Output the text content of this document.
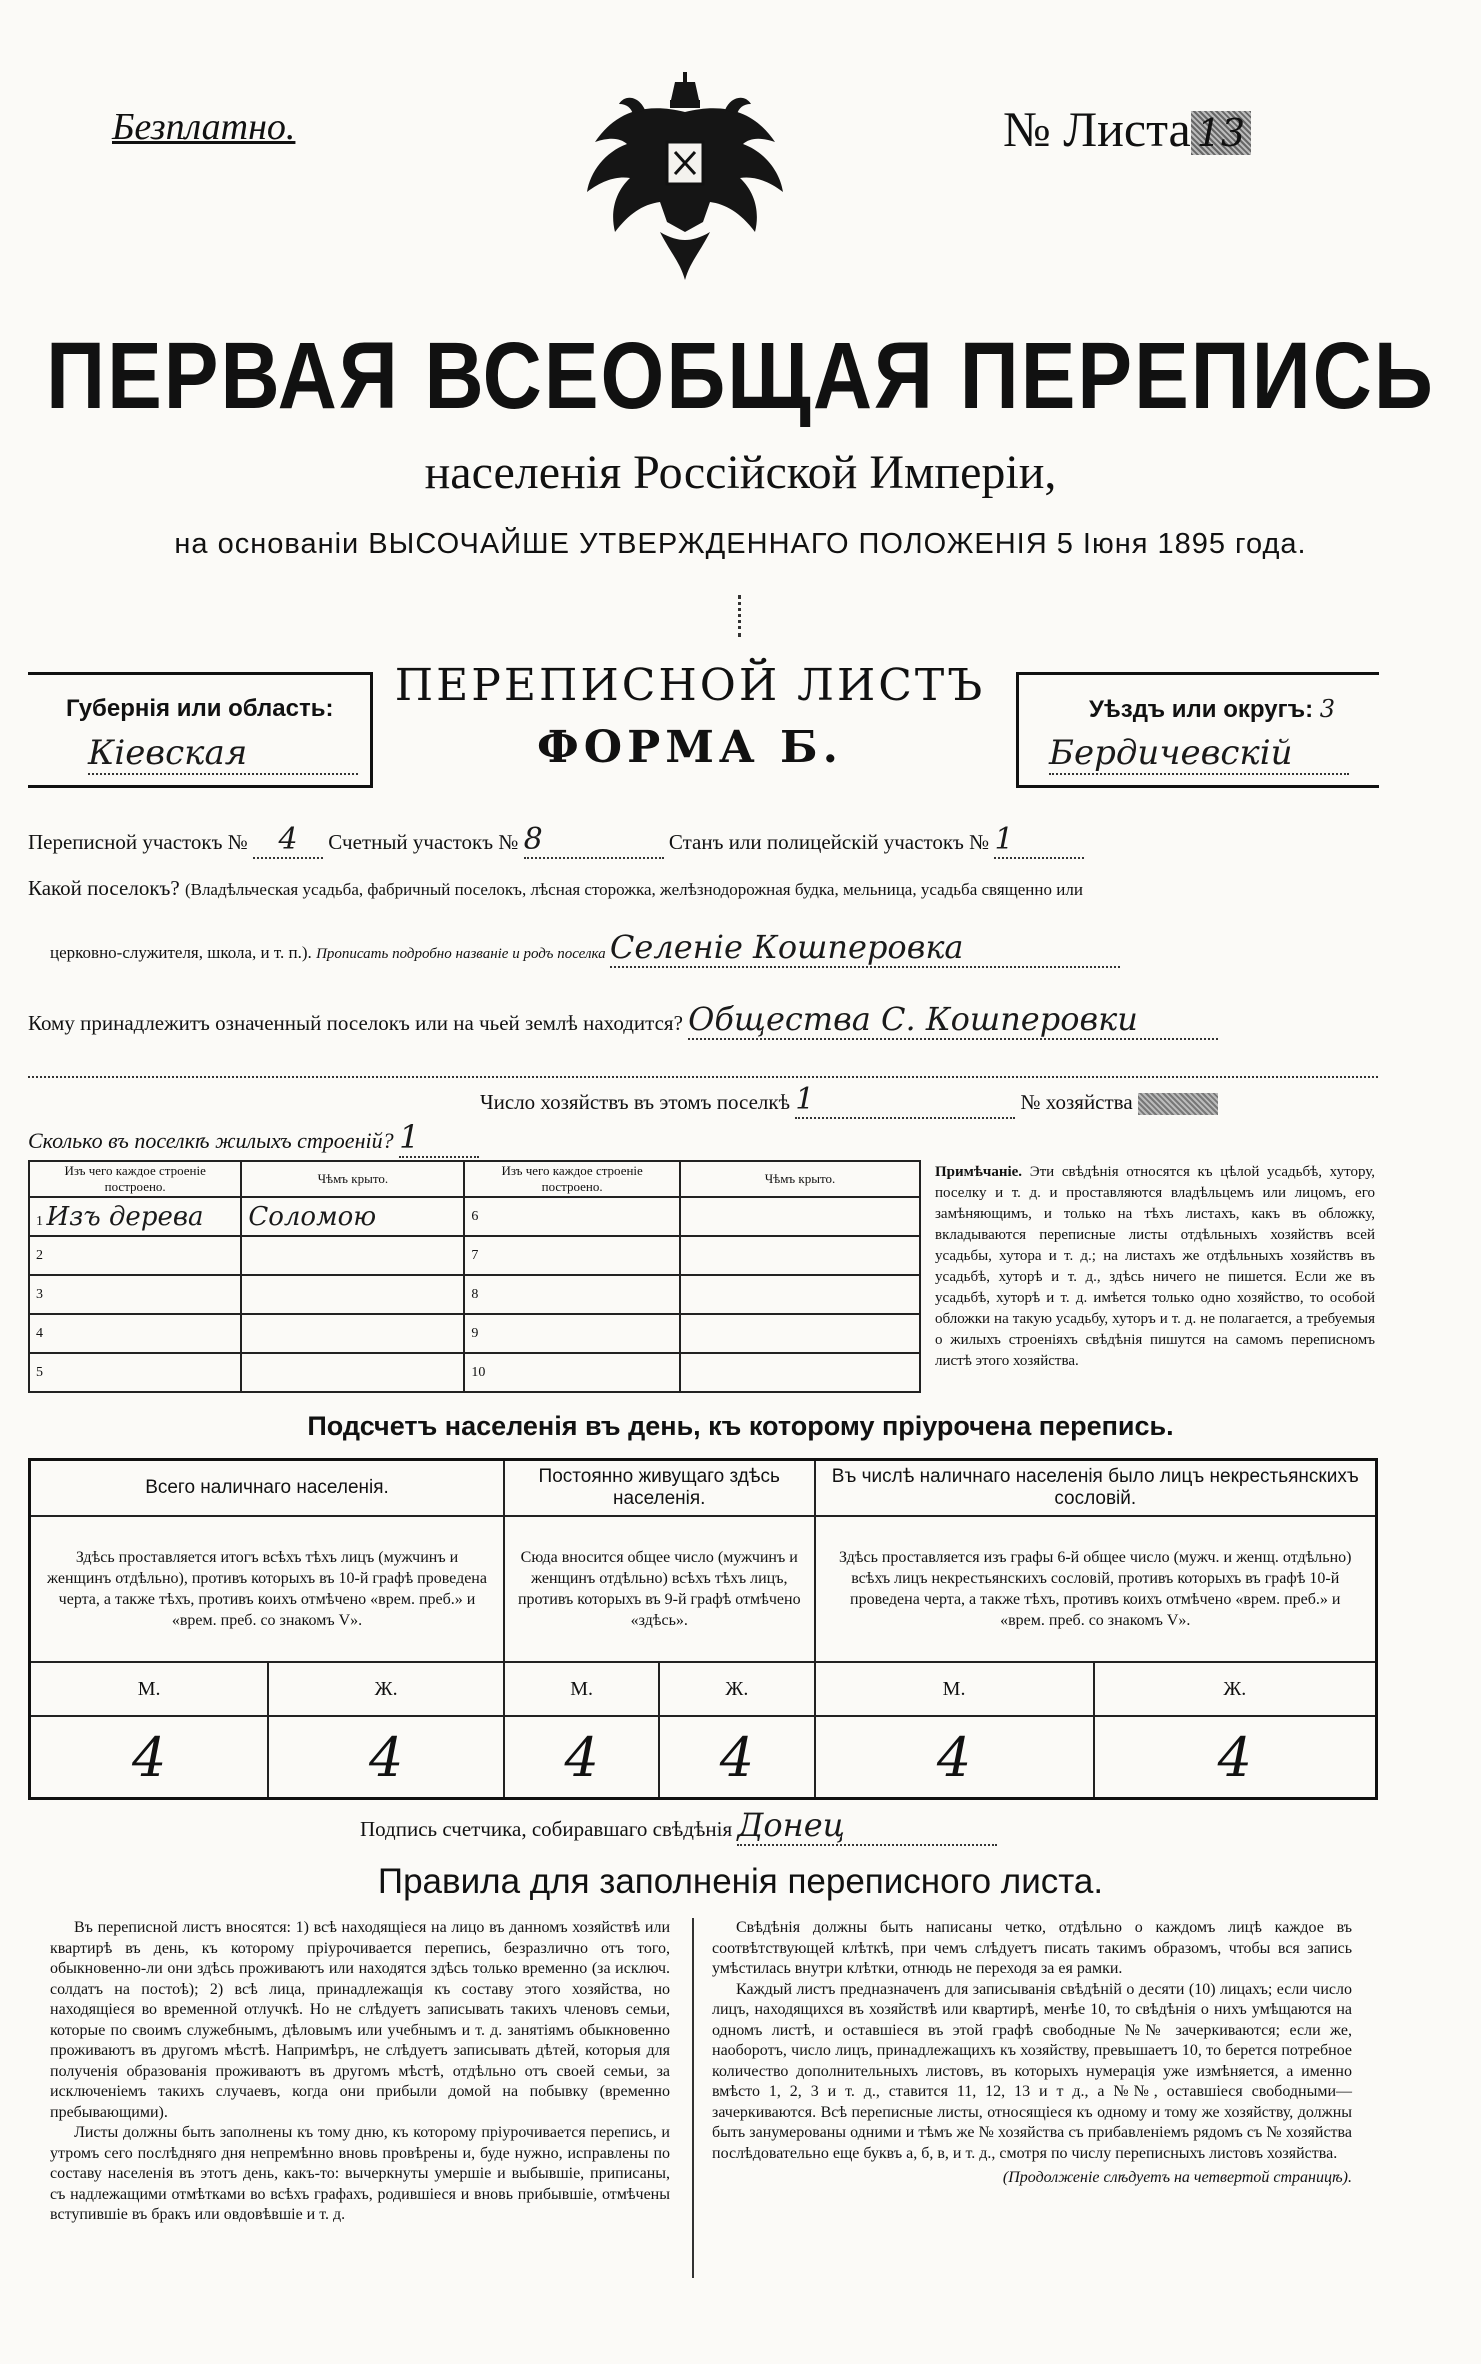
Безплатно.	№ Листа 13
ПЕРВАЯ ВСЕОБЩАЯ ПЕРЕПИСЬ
населенія Россійской Имперіи,
на основаніи ВЫСОЧАЙШЕ УТВЕРЖДЕННАГО ПОЛОЖЕНІЯ 5 Іюня 1895 года.
Губернія или область:
Кіевская
ПЕРЕПИСНОЙ ЛИСТЪ
ФОРМА Б.
Уѣздъ или округъ: 3
Бердичевскій
Переписной участокъ № 4 Счетный участокъ № 8	Станъ или полицейскій участокъ № 1
Какой поселокъ? (Владѣльческая усадьба, фабричный поселокъ, лѣсная сторожка, желѣзнодорожная будка, мельница, усадьба священно или
церковно-служителя, школа, и т. п.). Прописать подробно названіе и родъ поселка Селеніе Кошперовка
Кому принадлежитъ означенный поселокъ или на чьей землѣ находится? Общества С. Кошперовки
Число хозяйствъ въ этомъ поселкѣ 1	№ хозяйства
Сколько въ поселкѣ жилыхъ строеній? 1
Изъ чего каждое строеніе построено.	Чѣмъ крыто.	Изъ чего каждое строеніе построено.	Чѣмъ крыто.
1 Изъ дерева	Соломою	6	
2		7	
3		8	
4		9	
5		10	
Примѣчаніе. Эти свѣдѣнія относятся къ цѣлой усадьбѣ, хутору, поселку и т. д. и проставляются владѣльцемъ или лицомъ, его замѣняющимъ, и только на тѣхъ листахъ, какъ въ обложку, вкладываются переписные листы отдѣльныхъ хозяйствъ всей усадьбы, хутора и т. д.; на листахъ же отдѣльныхъ хозяйствъ въ усадьбѣ, хуторѣ и т. д., здѣсь ничего не пишется. Если же въ усадьбѣ, хуторѣ и т. д. имѣется только одно хозяйство, то особой обложки на такую усадьбу, хуторъ и т. д. не полагается, а требуемыя о жилыхъ строеніяхъ свѣдѣнія пишутся на самомъ переписномъ листѣ этого хозяйства.
Подсчетъ населенія въ день, къ которому пріурочена перепись.
Всего наличнаго населенія.		Постоянно живущаго здѣсь населенія.		Въ числѣ наличнаго населенія было лицъ некрестьянскихъ сословій.	
Здѣсь проставляется итогъ всѣхъ тѣхъ лицъ (мужчинъ и женщинъ отдѣльно), противъ которыхъ въ 10-й графѣ проведена черта, а также тѣхъ, противъ коихъ отмѣчено «врем. преб.» и «врем. преб. со знакомъ V».		Сюда вносится общее число (мужчинъ и женщинъ отдѣльно) всѣхъ тѣхъ лицъ, противъ которыхъ въ 9-й графѣ отмѣчено «здѣсь».		Здѣсь проставляется изъ графы 6-й общее число (мужч. и женщ. отдѣльно) всѣхъ лицъ некрестьянскихъ сословій, противъ которыхъ въ графѣ 10-й проведена черта, а также тѣхъ, противъ коихъ отмѣчено «врем. преб.» и «врем. преб. со знакомъ V».	
М.	Ж.	М.	Ж.	М.	Ж.
4	4	4	4	4	4
Подпись счетчика, собиравшаго свѣдѣнія Донец
Правила для заполненія переписного листа.
Въ переписной листъ вносятся: 1) всѣ находящіеся на лицо въ данномъ хозяйствѣ или квартирѣ въ день, къ которому пріурочивается перепись, безразлично отъ того, обыкновенно-ли они здѣсь проживаютъ или находятся здѣсь только временно (за исключ. солдатъ на постоѣ); 2) всѣ лица, принадлежащія къ составу этого хозяйства, но находящіеся во временной отлучкѣ. Но не слѣдуетъ записывать такихъ членовъ семьи, которые по своимъ служебнымъ, дѣловымъ или учебнымъ и т. д. занятіямъ обыкновенно проживаютъ въ другомъ мѣстѣ. Напримѣръ, не слѣдуетъ записывать дѣтей, которыя для полученія образованія проживаютъ въ другомъ мѣстѣ, отдѣльно отъ своей семьи, за исключеніемъ такихъ случаевъ, когда они прибыли домой на побывку (временно пребывающими).
Листы должны быть заполнены къ тому дню, къ которому пріурочивается перепись, и утромъ сего послѣдняго дня непремѣнно вновь провѣрены и, буде нужно, исправлены по составу населенія въ этотъ день, какъ-то: вычеркнуты умершіе и выбывшіе, приписаны, съ надлежащими отмѣтками во всѣхъ графахъ, родившіеся и вновь прибывшіе, отмѣчены вступившіе въ бракъ или овдовѣвшіе и т. д.
Свѣдѣнія должны быть написаны четко, отдѣльно о каждомъ лицѣ каждое въ соотвѣтствующей клѣткѣ, при чемъ слѣдуетъ писать такимъ образомъ, чтобы вся запись умѣстилась внутри клѣтки, отнюдь не переходя за ея рамки.
Каждый листъ предназначенъ для записыванія свѣдѣній о десяти (10) лицахъ; если число лицъ, находящихся въ хозяйствѣ или квартирѣ, менѣе 10, то свѣдѣнія о нихъ умѣщаются на одномъ листѣ, и оставшіеся въ этой графѣ свободные №№ зачеркиваются; если же, наоборотъ, число лицъ, принадлежащихъ къ хозяйству, превышаетъ 10, то берется потребное количество дополнительныхъ листовъ, въ которыхъ нумерація уже измѣняется, а именно вмѣсто 1, 2, 3 и т. д., ставится 11, 12, 13 и т д., а №№, оставшіеся свободными—зачеркиваются. Всѣ переписные листы, относящіеся къ одному и тому же хозяйству, должны быть занумерованы одними и тѣмъ же № хозяйства съ прибавленіемъ рядомъ съ № хозяйства послѣдовательно еще буквъ а, б, в, и т. д., смотря по числу переписныхъ листовъ хозяйства.
(Продолженіе слѣдуетъ на четвертой страницѣ).
